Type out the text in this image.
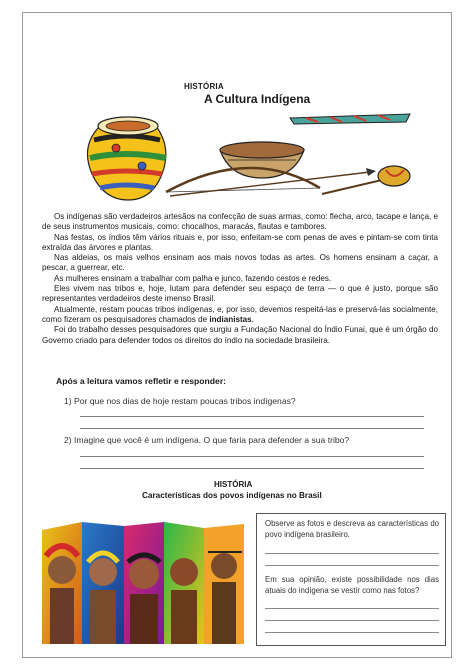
HISTÓRIA
A Cultura Indígena

Os indígenas são verdadeiros artesãos na confecção de suas armas, como: flecha, arco, tacape e lança, e de seus instrumentos musicais, como: chocalhos, maracás, flautas e tambores.

Nas festas, os índios têm vários rituais e, por isso, enfeitam-se com penas de aves e pintam-se com tinta extraída das árvores e plantas.

Nas aldeias, os mais velhos ensinam aos mais novos todas as artes. Os homens ensinam a caçar, a pescar, a guerrear, etc.

As mulheres ensinam a trabalhar com palha e junco, fazendo cestos e redes.

Eles vivem nas tribos e, hoje, lutam para defender seu espaço de terra — o que é justo, porque são representantes verdadeiros deste imenso Brasil.

Atualmente, restam poucas tribos indígenas, e, por isso, devemos respeitá-las e preservá-las socialmente, como fizeram os pesquisadores chamados de indianistas.

Foi do trabalho desses pesquisadores que surgiu a Fundação Nacional do Índio Funai, que é um órgão do Governo criado para defender todos os direitos do índio na sociedade brasileira.

Após a leitura vamos refletir e responder:
1) Por que nos dias de hoje restam poucas tribos indígenas?
2) Imagine que você é um indígena. O que faria para defender a sua tribo?
HISTÓRIA
Características dos povos indígenas no Brasil
Observe as fotos e descreva as características do povo indígena brasileiro.
Em sua opinião, existe possibilidade nos dias atuais do indígena se vestir como nas fotos?
